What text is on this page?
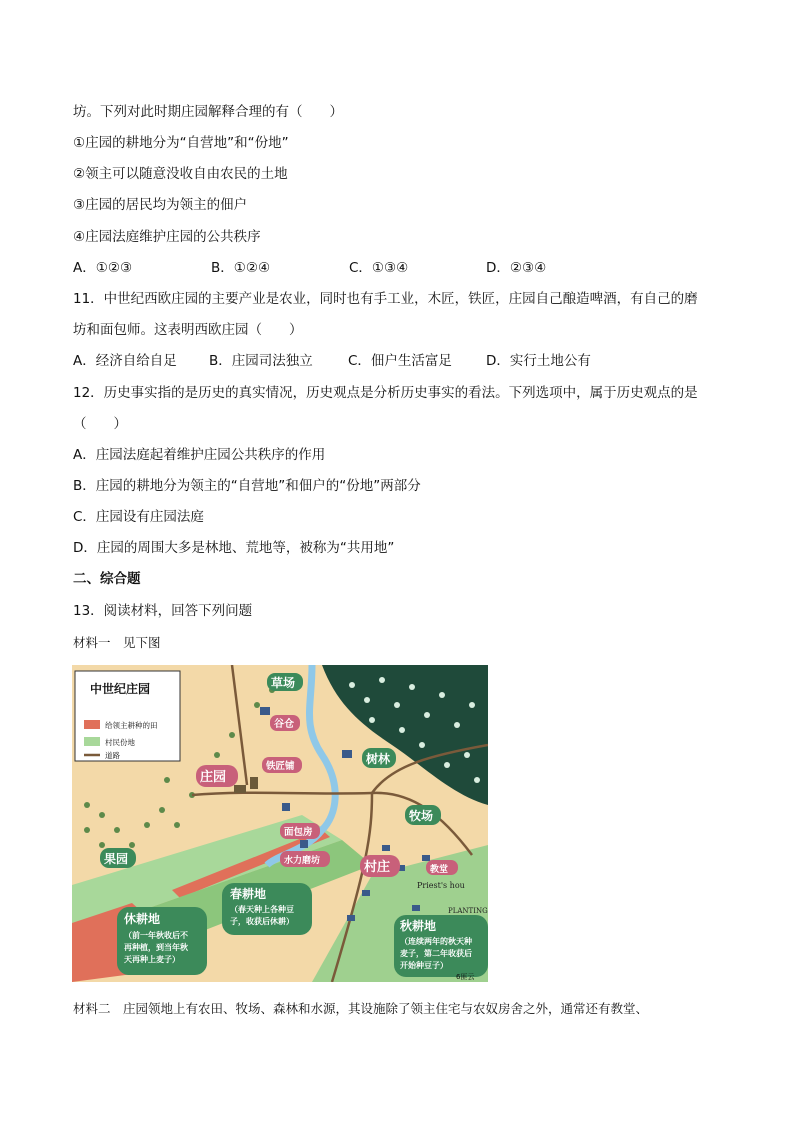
坊。下列对此时期庄园解释合理的有（　　）
①庄园的耕地分为“自营地”和“份地”
②领主可以随意没收自由农民的土地
③庄园的居民均为领主的佃户
④庄园法庭维护庄园的公共秩序
A．①②③	B．①②④	C．①③④	D．②③④
11．中世纪西欧庄园的主要产业是农业，同时也有手工业，木匠，铁匠，庄园自己酿造啤酒，有自己的磨
坊和面包师。这表明西欧庄园（　　）
A．经济自给自足 B．庄园司法独立	C．佃户生活富足	D．实行土地公有
12．历史事实指的是历史的真实情况，历史观点是分析历史事实的看法。下列选项中，属于历史观点的是
（　　）
A．庄园法庭起着维护庄园公共秩序的作用
B．庄园的耕地分为领主的“自营地”和佃户的“份地”两部分
C．庄园设有庄园法庭
D．庄园的周围大多是林地、荒地等，被称为“共用地”
二、综合题
13．阅读材料，回答下列问题
材料一　见下图
中世纪庄园
给领主耕种的田
村民份地
道路
草场
谷仓
庄园
铁匠铺
面包房
树林
牧场
果园	水力磨坊	村庄	教堂
Priest's hou
春耕地
（春天种上各种豆
子，收获后休耕）
休耕地
（前一年秋收后不
再种植，到当年秋
天再种上麦子）
秋耕地
（连续两年的秋天种
麦子，第二年收获后
开始种豆子）
PLANTING
6匪云
材料二　庄园领地上有农田、牧场、森林和水源，其设施除了领主住宅与农奴房舍之外，通常还有教堂、
